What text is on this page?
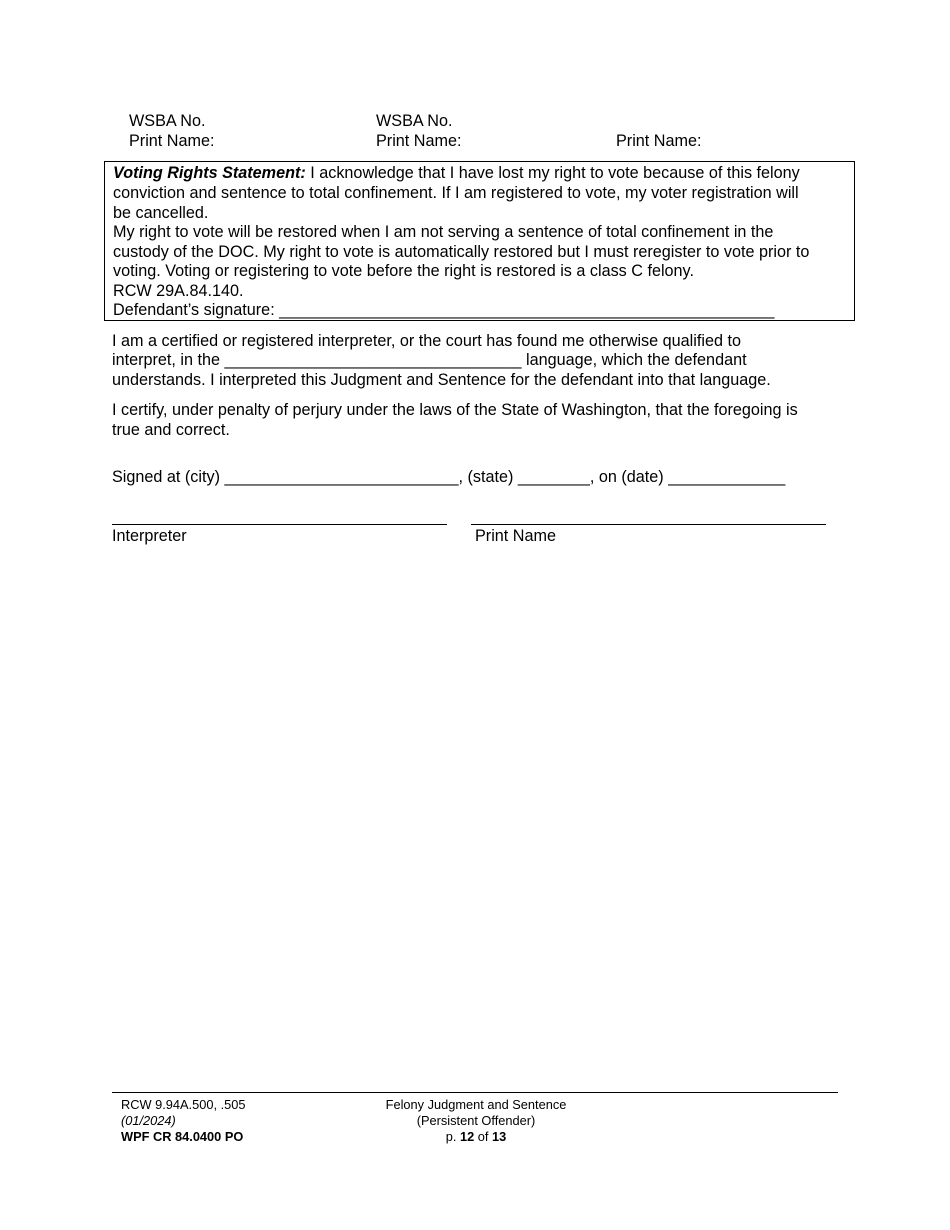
WSBA No.
Print Name:
WSBA No.
Print Name:	Print Name:
Voting Rights Statement: I acknowledge that I have lost my right to vote because of this felony
conviction and sentence to total confinement. If I am registered to vote, my voter registration will
be cancelled.
My right to vote will be restored when I am not serving a sentence of total confinement in the
custody of the DOC. My right to vote is automatically restored but I must reregister to vote prior to
voting. Voting or registering to vote before the right is restored is a class C felony.
RCW 29A.84.140.
Defendant’s signature: _______________________________________________________
I am a certified or registered interpreter, or the court has found me otherwise qualified to
interpret, in the _________________________________ language, which the defendant
understands. I interpreted this Judgment and Sentence for the defendant into that language.
I certify, under penalty of perjury under the laws of the State of Washington, that the foregoing is
true and correct.
Signed at (city) __________________________, (state) ________, on (date) _____________
Interpreter	Print Name
RCW 9.94A.500, .505
(01/2024)
WPF CR 84.0400 PO
Felony Judgment and Sentence
(Persistent Offender)
p. 12 of 13
